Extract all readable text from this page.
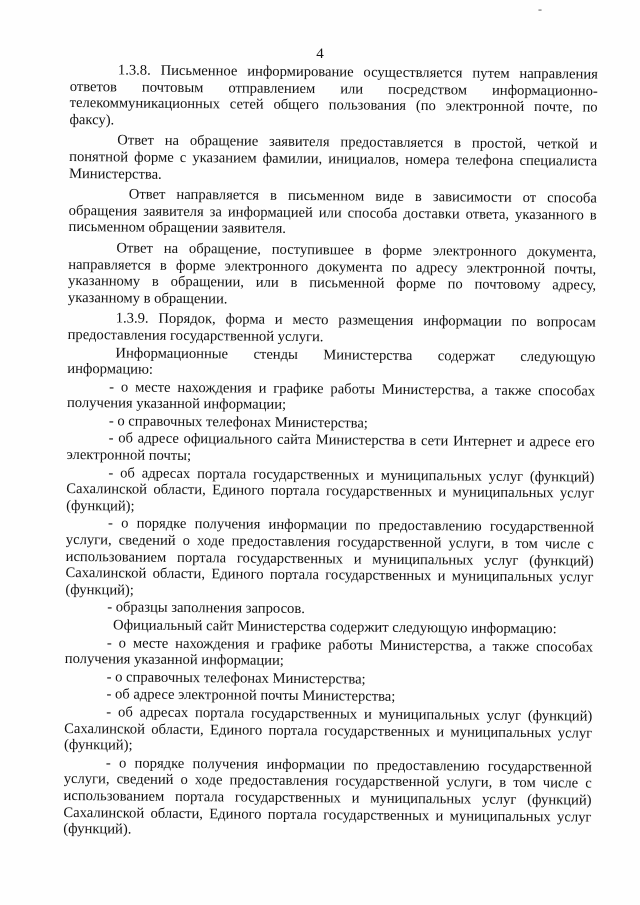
-
4

1.3.8. Письменное информирование осуществляется путем направления ответов почтовым отправлением или посредством информационно-телекоммуникационных сетей общего пользования (по электронной почте, по факсу).

Ответ на обращение заявителя предоставляется в простой, четкой и понятной форме с указанием фамилии, инициалов, номера телефона специалиста Министерства.

Ответ направляется в письменном виде в зависимости от способа обращения заявителя за информацией или способа доставки ответа, указанного в письменном обращении заявителя.

Ответ на обращение, поступившее в форме электронного документа, направляется в форме электронного документа по адресу электронной почты, указанному в обращении, или в письменной форме по почтовому адресу, указанному в обращении.

1.3.9. Порядок, форма и место размещения информации по вопросам предоставления государственной услуги.

Информационные стенды Министерства содержат следующую информацию:

- о месте нахождения и графике работы Министерства, а также способах получения указанной информации;

- о справочных телефонах Министерства;

- об адресе официального сайта Министерства в сети Интернет и адресе его электронной почты;

- об адресах портала государственных и муниципальных услуг (функций) Сахалинской области, Единого портала государственных и муниципальных услуг (функций);

- о порядке получения информации по предоставлению государственной услуги, сведений о ходе предоставления государственной услуги, в том числе с использованием портала государственных и муниципальных услуг (функций) Сахалинской области, Единого портала государственных и муниципальных услуг (функций);

- образцы заполнения запросов.

Официальный сайт Министерства содержит следующую информацию:

- о месте нахождения и графике работы Министерства, а также способах получения указанной информации;

- о справочных телефонах Министерства;

- об адресе электронной почты Министерства;

- об адресах портала государственных и муниципальных услуг (функций) Сахалинской области, Единого портала государственных и муниципальных услуг (функций);

- о порядке получения информации по предоставлению государственной услуги, сведений о ходе предоставления государственной услуги, в том числе с использованием портала государственных и муниципальных услуг (функций) Сахалинской области, Единого портала государственных и муниципальных услуг (функций).
